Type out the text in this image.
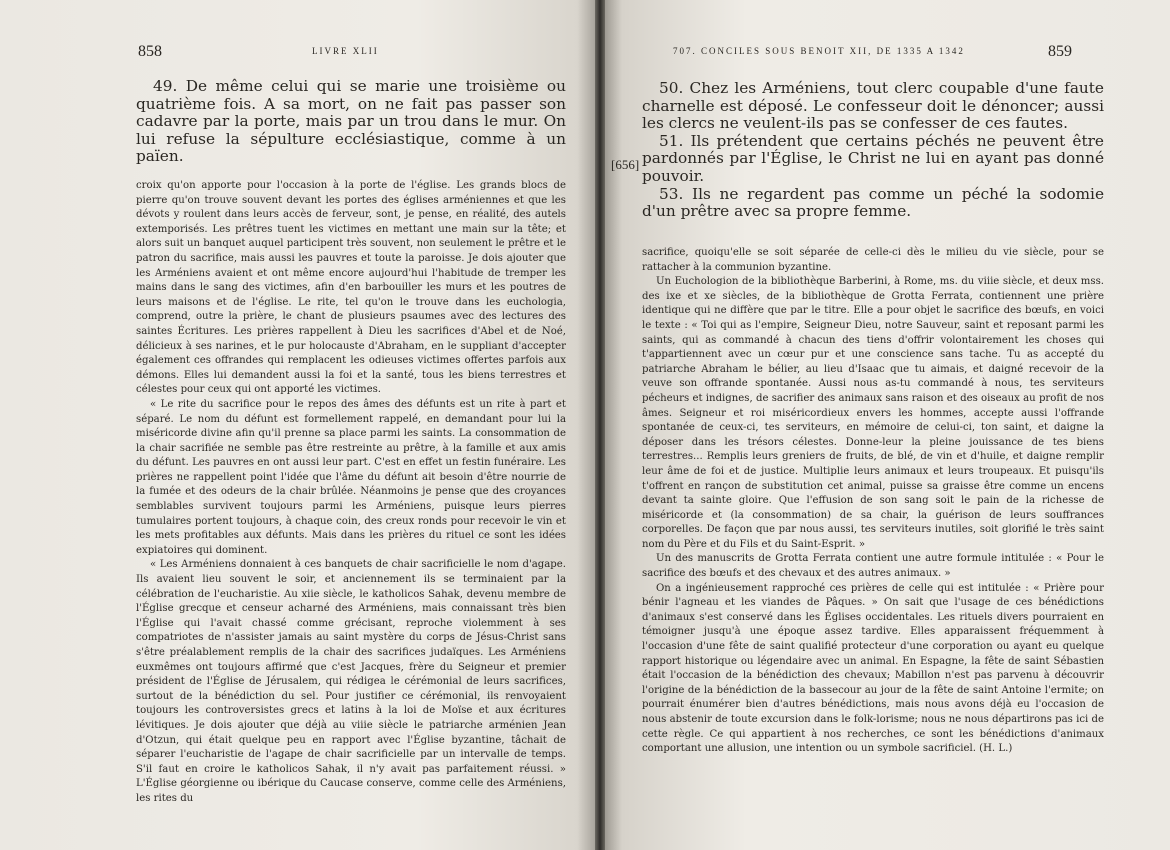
858	LIVRE XLII

49. De même celui qui se marie une troisième ou quatrième fois. A sa mort, on ne fait pas passer son cadavre par la porte, mais par un trou dans le mur. On lui refuse la sépulture ecclésiastique, comme à un païen.

croix qu'on apporte pour l'occasion à la porte de l'église. Les grands blocs de pierre qu'on trouve souvent devant les portes des églises arméniennes et que les dévots y roulent dans leurs accès de ferveur, sont, je pense, en réalité, des autels extemporisés. Les prêtres tuent les victimes en mettant une main sur la tête; et alors suit un banquet auquel participent très souvent, non seulement le prêtre et le patron du sacrifice, mais aussi les pauvres et toute la paroisse. Je dois ajouter que les Arméniens avaient et ont même encore aujourd'hui l'habitude de tremper les mains dans le sang des victimes, afin d'en barbouiller les murs et les poutres de leurs maisons et de l'église. Le rite, tel qu'on le trouve dans les euchologia, comprend, outre la prière, le chant de plusieurs psaumes avec des lectures des saintes Écritures. Les prières rappellent à Dieu les sacrifices d'Abel et de Noé, délicieux à ses narines, et le pur holocauste d'Abraham, en le suppliant d'accepter également ces offrandes qui remplacent les odieuses victimes offertes parfois aux démons. Elles lui demandent aussi la foi et la santé, tous les biens terrestres et célestes pour ceux qui ont apporté les victimes.

« Le rite du sacrifice pour le repos des âmes des défunts est un rite à part et séparé. Le nom du défunt est formellement rappelé, en demandant pour lui la miséricorde divine afin qu'il prenne sa place parmi les saints. La consommation de la chair sacrifiée ne semble pas être restreinte au prêtre, à la famille et aux amis du défunt. Les pauvres en ont aussi leur part. C'est en effet un festin funéraire. Les prières ne rappellent point l'idée que l'âme du défunt ait besoin d'être nourrie de la fumée et des odeurs de la chair brûlée. Néanmoins je pense que des croyances semblables survivent toujours parmi les Arméniens, puisque leurs pierres tumulaires portent toujours, à chaque coin, des creux ronds pour recevoir le vin et les mets profitables aux défunts. Mais dans les prières du rituel ce sont les idées expiatoires qui dominent.

« Les Arméniens donnaient à ces banquets de chair sacrificielle le nom d'agape. Ils avaient lieu souvent le soir, et anciennement ils se terminaient par la célébration de l'eucharistie. Au xiie siècle, le katholicos Sahak, devenu membre de l'Église grecque et censeur acharné des Arméniens, mais connaissant très bien l'Église qui l'avait chassé comme grécisant, reproche violemment à ses compatriotes de n'assister jamais au saint mystère du corps de Jésus-Christ sans s'être préalablement remplis de la chair des sacrifices judaïques. Les Arméniens euxmêmes ont toujours affirmé que c'est Jacques, frère du Seigneur et premier président de l'Église de Jérusalem, qui rédigea le cérémonial de leurs sacrifices, surtout de la bénédiction du sel. Pour justifier ce cérémonial, ils renvoyaient toujours les controversistes grecs et latins à la loi de Moïse et aux écritures lévitiques. Je dois ajouter que déjà au viiie siècle le patriarche arménien Jean d'Otzun, qui était quelque peu en rapport avec l'Église byzantine, tâchait de séparer l'eucharistie de l'agape de chair sacrificielle par un intervalle de temps. S'il faut en croire le katholicos Sahak, il n'y avait pas parfaitement réussi. » L'Église géorgienne ou ibérique du Caucase conserve, comme celle des Arméniens, les rites du

707. CONCILES SOUS BENOIT XII, DE 1335 A 1342	859
[656]

50. Chez les Arméniens, tout clerc coupable d'une faute charnelle est déposé. Le confesseur doit le dénoncer; aussi les clercs ne veulent-ils pas se confesser de ces fautes.

51. Ils prétendent que certains péchés ne peuvent être pardonnés par l'Église, le Christ ne lui en ayant pas donné pouvoir.

53. Ils ne regardent pas comme un péché la sodomie d'un prêtre avec sa propre femme.

sacrifice, quoiqu'elle se soit séparée de celle-ci dès le milieu du vie siècle, pour se rattacher à la communion byzantine.

Un Euchologion de la bibliothèque Barberini, à Rome, ms. du viiie siècle, et deux mss. des ixe et xe siècles, de la bibliothèque de Grotta Ferrata, contiennent une prière identique qui ne diffère que par le titre. Elle a pour objet le sacrifice des bœufs, en voici le texte : « Toi qui as l'empire, Seigneur Dieu, notre Sauveur, saint et reposant parmi les saints, qui as commandé à chacun des tiens d'offrir volontairement les choses qui t'appartiennent avec un cœur pur et une conscience sans tache. Tu as accepté du patriarche Abraham le bélier, au lieu d'Isaac que tu aimais, et daigné recevoir de la veuve son offrande spontanée. Aussi nous as-tu commandé à nous, tes serviteurs pécheurs et indignes, de sacrifier des animaux sans raison et des oiseaux au profit de nos âmes. Seigneur et roi miséricordieux envers les hommes, accepte aussi l'offrande spontanée de ceux-ci, tes serviteurs, en mémoire de celui-ci, ton saint, et daigne la déposer dans les trésors célestes. Donne-leur la pleine jouissance de tes biens terrestres... Remplis leurs greniers de fruits, de blé, de vin et d'huile, et daigne remplir leur âme de foi et de justice. Multiplie leurs animaux et leurs troupeaux. Et puisqu'ils t'offrent en rançon de substitution cet animal, puisse sa graisse être comme un encens devant ta sainte gloire. Que l'effusion de son sang soit le pain de la richesse de miséricorde et (la consommation) de sa chair, la guérison de leurs souffrances corporelles. De façon que par nous aussi, tes serviteurs inutiles, soit glorifié le très saint nom du Père et du Fils et du Saint-Esprit. »

Un des manuscrits de Grotta Ferrata contient une autre formule intitulée : « Pour le sacrifice des bœufs et des chevaux et des autres animaux. »

On a ingénieusement rapproché ces prières de celle qui est intitulée : « Prière pour bénir l'agneau et les viandes de Pâques. » On sait que l'usage de ces bénédictions d'animaux s'est conservé dans les Églises occidentales. Les rituels divers pourraient en témoigner jusqu'à une époque assez tardive. Elles apparaissent fréquemment à l'occasion d'une fête de saint qualifié protecteur d'une corporation ou ayant eu quelque rapport historique ou légendaire avec un animal. En Espagne, la fête de saint Sébastien était l'occasion de la bénédiction des chevaux; Mabillon n'est pas parvenu à découvrir l'origine de la bénédiction de la bassecour au jour de la fête de saint Antoine l'ermite; on pourrait énumérer bien d'autres bénédictions, mais nous avons déjà eu l'occasion de nous abstenir de toute excursion dans le folk-lorisme; nous ne nous départirons pas ici de cette règle. Ce qui appartient à nos recherches, ce sont les bénédictions d'animaux comportant une allusion, une intention ou un symbole sacrificiel. (H. L.)
